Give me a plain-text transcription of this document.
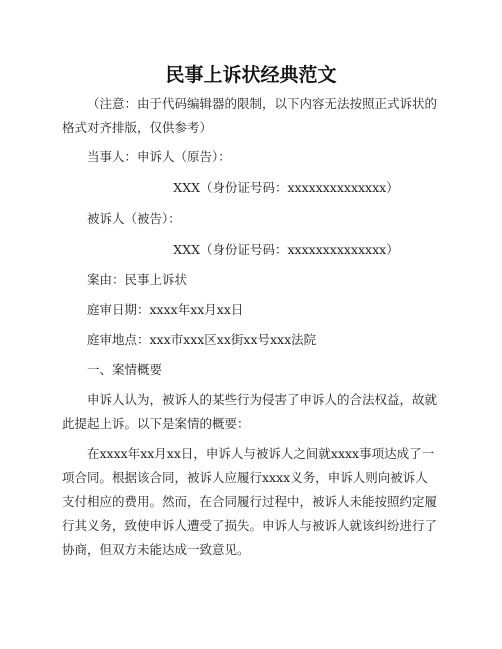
民事上诉状经典范文

（注意：由于代码编辑器的限制，以下内容无法按照正式诉状的格式对齐排版，仅供参考）

当事人：申诉人（原告）：

XXX（身份证号码：xxxxxxxxxxxxxx）

被诉人（被告）：

XXX（身份证号码：xxxxxxxxxxxxxx）

案由：民事上诉状

庭审日期：xxxx年xx月xx日

庭审地点：xxx市xxx区xx街xx号xxx法院

一、案情概要

申诉人认为，被诉人的某些行为侵害了申诉人的合法权益，故就此提起上诉。以下是案情的概要：

在xxxx年xx月xx日，申诉人与被诉人之间就xxxx事项达成了一项合同。根据该合同，被诉人应履行xxxx义务，申诉人则向被诉人支付相应的费用。然而，在合同履行过程中，被诉人未能按照约定履行其义务，致使申诉人遭受了损失。申诉人与被诉人就该纠纷进行了协商，但双方未能达成一致意见。
